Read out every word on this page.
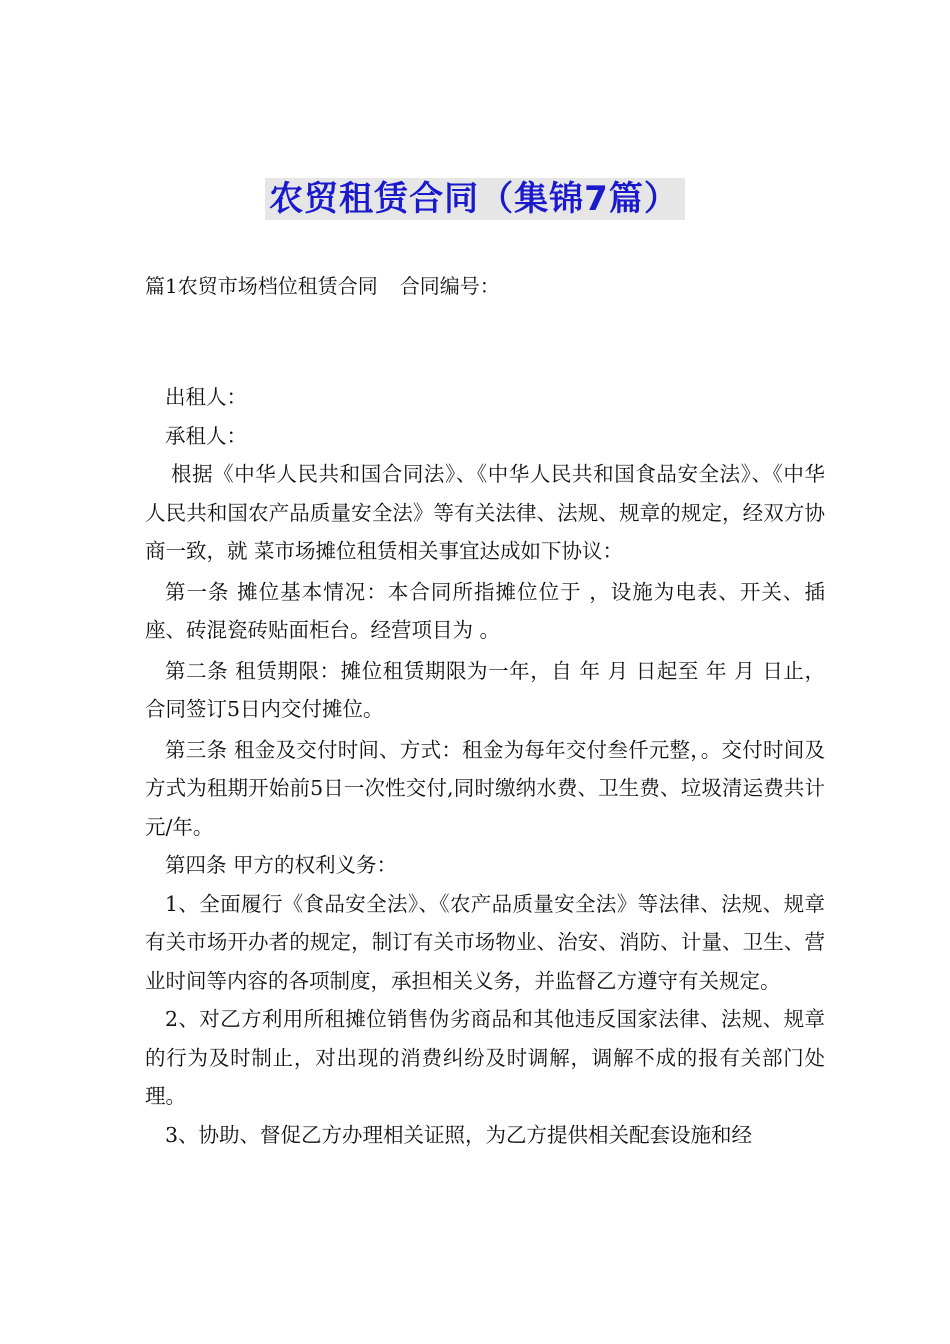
农贸租赁合同（集锦7篇）
篇1农贸市场档位租赁合同 合同编号：

出租人：

承租人：

根据《中华人民共和国合同法》、《中华人民共和国食品安全法》、《中华人民共和国农产品质量安全法》等有关法律、法规、规章的规定，经双方协商一致，就 菜市场摊位租赁相关事宜达成如下协议：

第一条 摊位基本情况：本合同所指摊位位于 ，设施为电表、开关、插座、砖混瓷砖贴面柜台。经营项目为 。

第二条 租赁期限：摊位租赁期限为一年，自 年 月 日起至 年 月 日止，合同签订5日内交付摊位。

第三条 租金及交付时间、方式：租金为每年交付叁仟元整，。交付时间及方式为租期开始前5日一次性交付,同时缴纳水费、卫生费、垃圾清运费共计 元/年。

第四条 甲方的权利义务：

1、全面履行《食品安全法》、《农产品质量安全法》等法律、法规、规章有关市场开办者的规定，制订有关市场物业、治安、消防、计量、卫生、营业时间等内容的各项制度，承担相关义务，并监督乙方遵守有关规定。

2、对乙方利用所租摊位销售伪劣商品和其他违反国家法律、法规、规章的行为及时制止，对出现的消费纠纷及时调解，调解不成的报有关部门处理。

3、协助、督促乙方办理相关证照，为乙方提供相关配套设施和经
